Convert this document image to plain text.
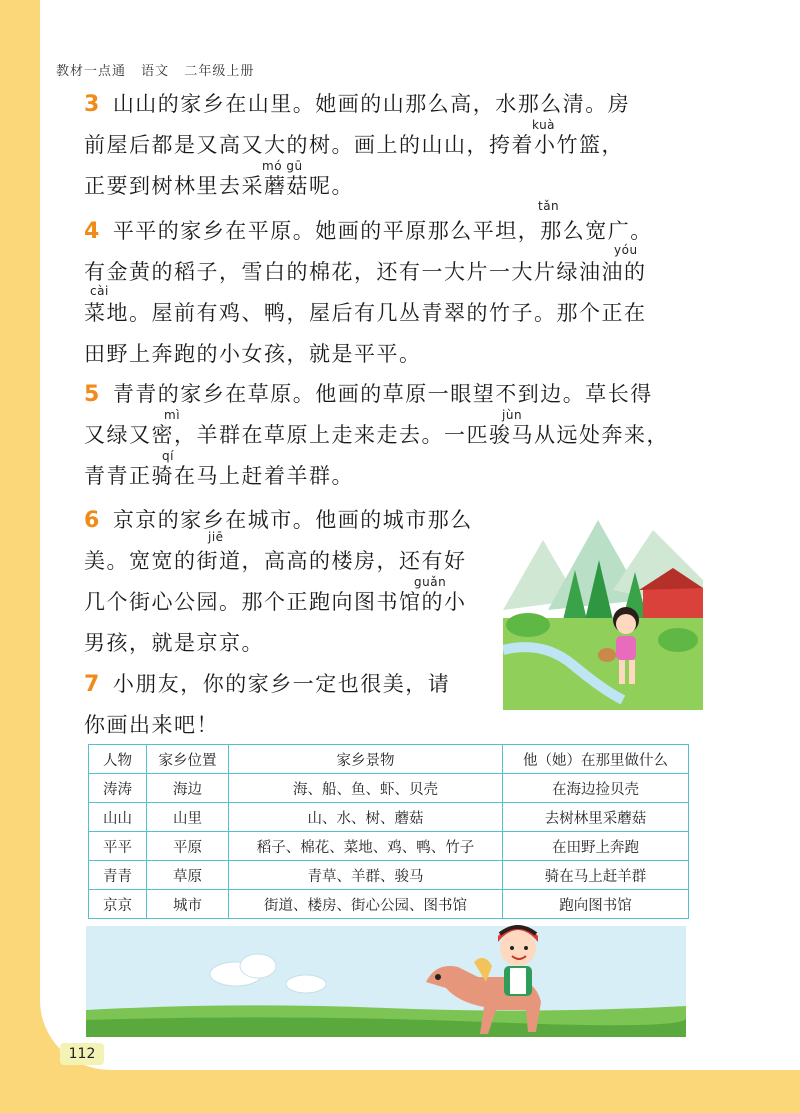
教材一点通 语文 二年级上册
3 山山的家乡在山里。她画的山那么高，水那么清。房
前屋后都是又高又大的树。画上的山山，挎着小竹篮，
正要到树林里去采蘑菇呢。
kuà
mó gū
4 平平的家乡在平原。她画的平原那么平坦，那么宽广。
有金黄的稻子，雪白的棉花，还有一大片一大片绿油油的
菜地。屋前有鸡、鸭，屋后有几丛青翠的竹子。那个正在
田野上奔跑的小女孩，就是平平。
tǎn
yóu
cài
5 青青的家乡在草原。他画的草原一眼望不到边。草长得
又绿又密，羊群在草原上走来走去。一匹骏马从远处奔来，
青青正骑在马上赶着羊群。
mì	jùn
qí
6 京京的家乡在城市。他画的城市那么
美。宽宽的街道，高高的楼房，还有好
几个街心公园。那个正跑向图书馆的小
男孩，就是京京。
jiē
guǎn
7 小朋友，你的家乡一定也很美，请
你画出来吧！
人物	家乡位置	家乡景物	他（她）在那里做什么
涛涛	海边	海、船、鱼、虾、贝壳	在海边捡贝壳
山山	山里	山、水、树、蘑菇	去树林里采蘑菇
平平	平原	稻子、棉花、菜地、鸡、鸭、竹子	在田野上奔跑
青青	草原	青草、羊群、骏马	骑在马上赶羊群
京京	城市	街道、楼房、街心公园、图书馆	跑向图书馆
112
